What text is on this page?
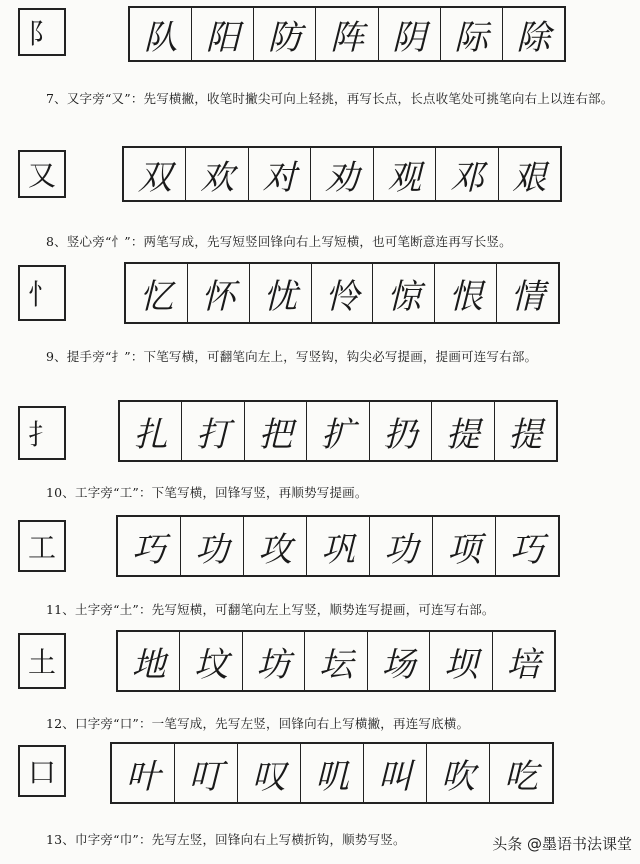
阝	队 阳 防 阵 阴 际 除
7、又字旁“又”：先写横撇，收笔时撇尖可向上轻挑，再写长点，长点收笔处可挑笔向右上以连右部。
又	双 欢 对 劝 观 邓 艰
8、竖心旁“忄”：两笔写成，先写短竖回锋向右上写短横，也可笔断意连再写长竖。
忄	忆 怀 忧 怜 惊 恨 情
9、提手旁“扌”：下笔写横，可翻笔向左上，写竖钩，钩尖必写提画，提画可连写右部。
扌	扎 打 把 扩 扔 提 提
10、工字旁“工”：下笔写横，回锋写竖，再顺势写提画。
工	巧 功 攻 巩 功 项 巧
11、土字旁“土”：先写短横，可翻笔向左上写竖，顺势连写提画，可连写右部。
土	地 坟 坊 坛 场 坝 培
12、口字旁“口”：一笔写成，先写左竖，回锋向右上写横撇，再连写底横。
口	叶 叮 叹 叽 叫 吹 吃
13、巾字旁“巾”：先写左竖，回锋向右上写横折钩，顺势写竖。	头条 @墨语书法课堂
